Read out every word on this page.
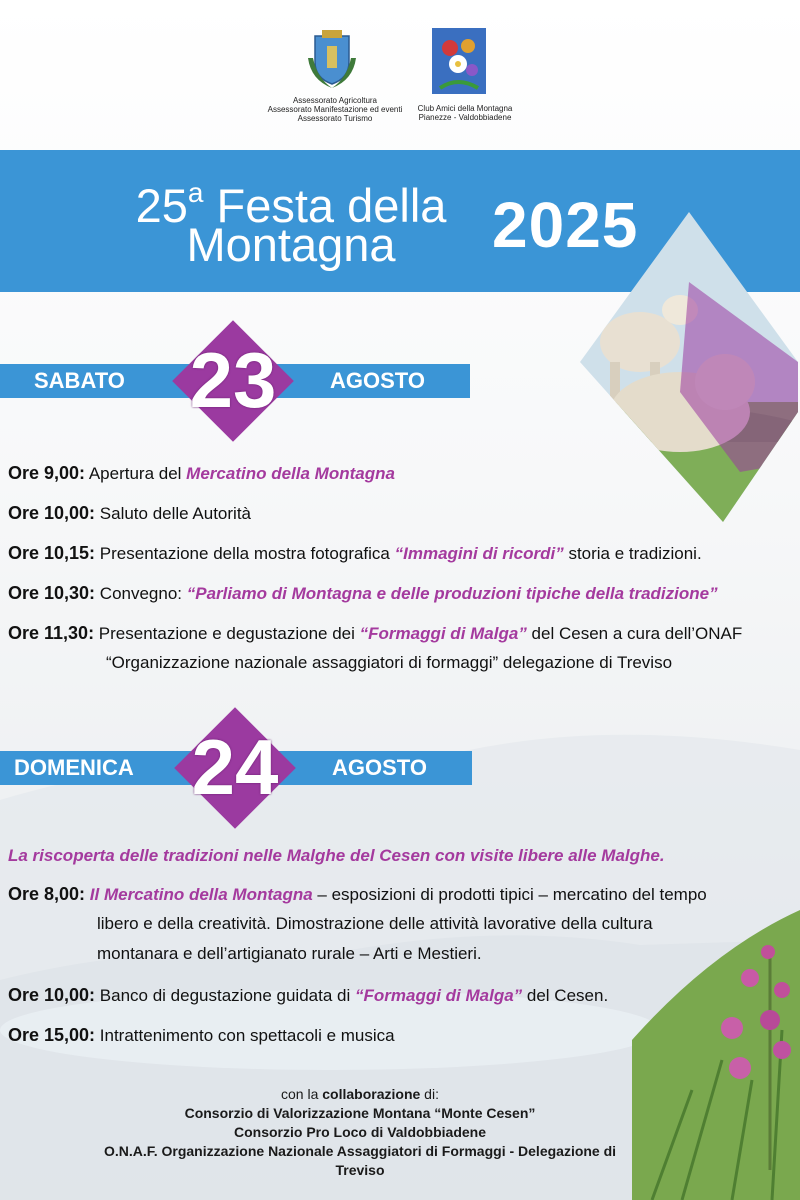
Assessorato Agricoltura
Assessorato Manifestazione ed eventi
Assessorato Turismo
Club Amici della Montagna
Pianezze - Valdobbiadene
25$^a$ Festa della
Montagna	2025
SABATO	AGOSTO
23
Ore 9,00: Apertura del Mercatino della Montagna
Ore 10,00: Saluto delle Autorità
Ore 10,15: Presentazione della mostra fotografica “Immagini di ricordi” storia e tradizioni.
Ore 10,30: Convegno: “Parliamo di Montagna e delle produzioni tipiche della tradizione”
Ore 11,30: Presentazione e degustazione dei “Formaggi di Malga” del Cesen a cura dell’ONAF
“Organizzazione nazionale assaggiatori di formaggi” delegazione di Treviso
DOMENICA	AGOSTO
24
La riscoperta delle tradizioni nelle Malghe del Cesen con visite libere alle Malghe.
Ore 8,00: Il Mercatino della Montagna – esposizioni di prodotti tipici – mercatino del tempo
libero e della creatività. Dimostrazione delle attività lavorative della cultura
montanara e dell’artigianato rurale – Arti e Mestieri.
Ore 10,00: Banco di degustazione guidata di “Formaggi di Malga” del Cesen.
Ore 15,00: Intrattenimento con spettacoli e musica
con la collaborazione di:
Consorzio di Valorizzazione Montana “Monte Cesen”
Consorzio Pro Loco di Valdobbiadene
O.N.A.F. Organizzazione Nazionale Assaggiatori di Formaggi - Delegazione di Treviso
